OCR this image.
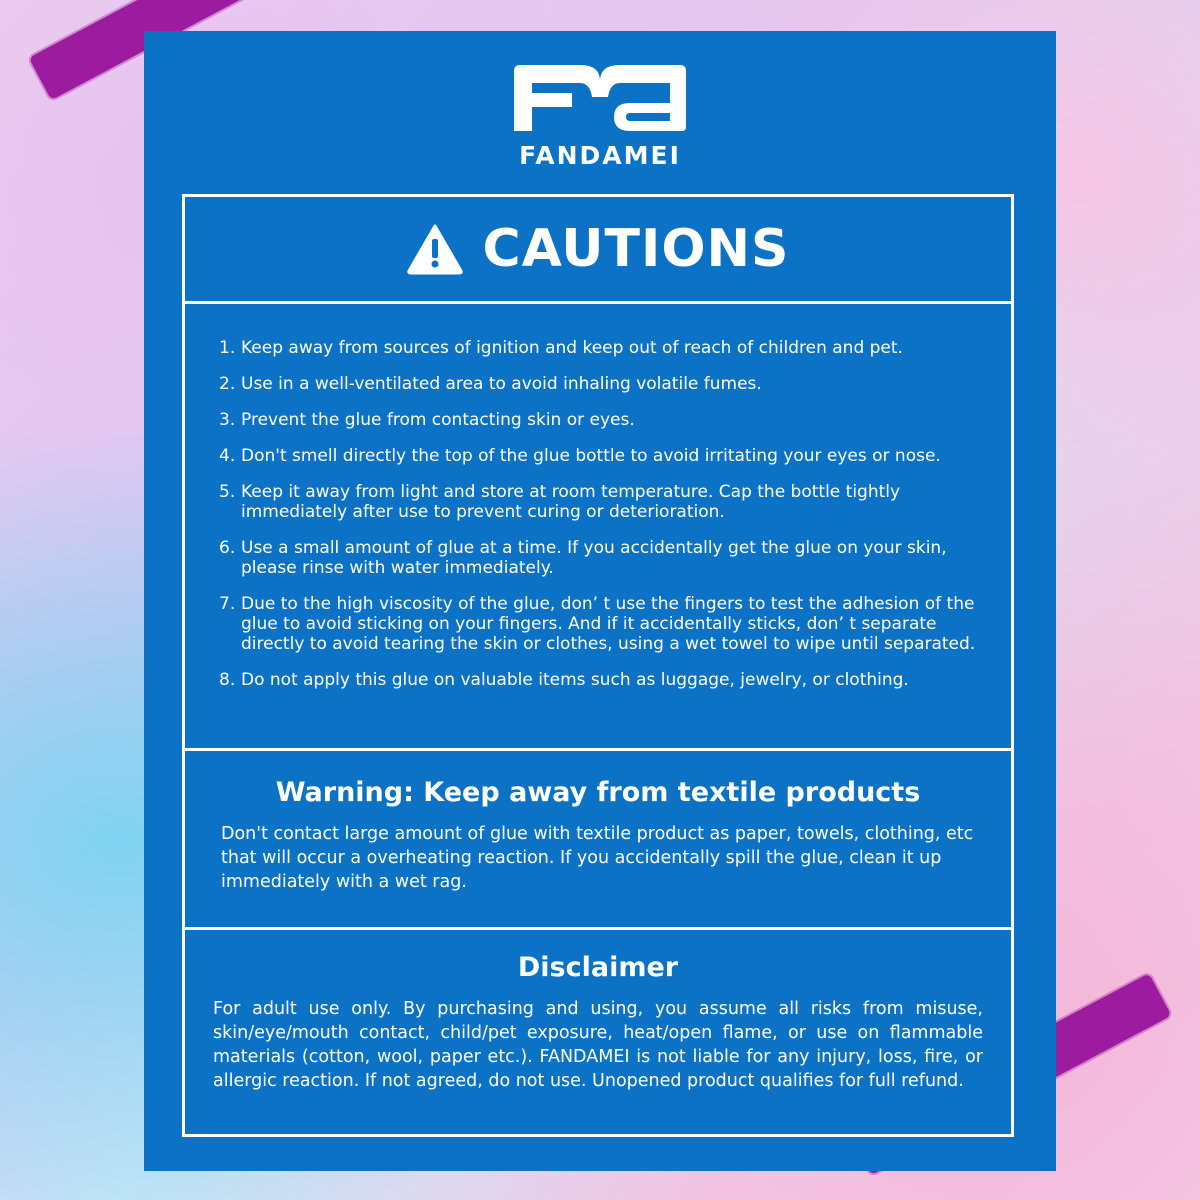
FANDAMEI
CAUTIONS
1. Keep away from sources of ignition and keep out of reach of children and pet.
2. Use in a well-ventilated area to avoid inhaling volatile fumes.
3. Prevent the glue from contacting skin or eyes.
4. Don't smell directly the top of the glue bottle to avoid irritating your eyes or nose.
5. Keep it away from light and store at room temperature. Cap the bottle tightly immediately after use to prevent curing or deterioration.
6. Use a small amount of glue at a time. If you accidentally get the glue on your skin, please rinse with water immediately.
7. Due to the high viscosity of the glue, don’ t use the fingers to test the adhesion of the glue to avoid sticking on your fingers. And if it accidentally sticks, don’ t separate directly to avoid tearing the skin or clothes, using a wet towel to wipe until separated.
8. Do not apply this glue on valuable items such as luggage, jewelry, or clothing.
Warning: Keep away from textile products
Don't contact large amount of glue with textile product as paper, towels, clothing, etc that will occur a overheating reaction. If you accidentally spill the glue, clean it up immediately with a wet rag.
Disclaimer
For adult use only. By purchasing and using, you assume all risks from misuse, skin/eye/mouth contact, child/pet exposure, heat/open flame, or use on flammable materials (cotton, wool, paper etc.). FANDAMEI is not liable for any injury, loss, fire, or allergic reaction. If not agreed, do not use. Unopened product qualifies for full refund.
